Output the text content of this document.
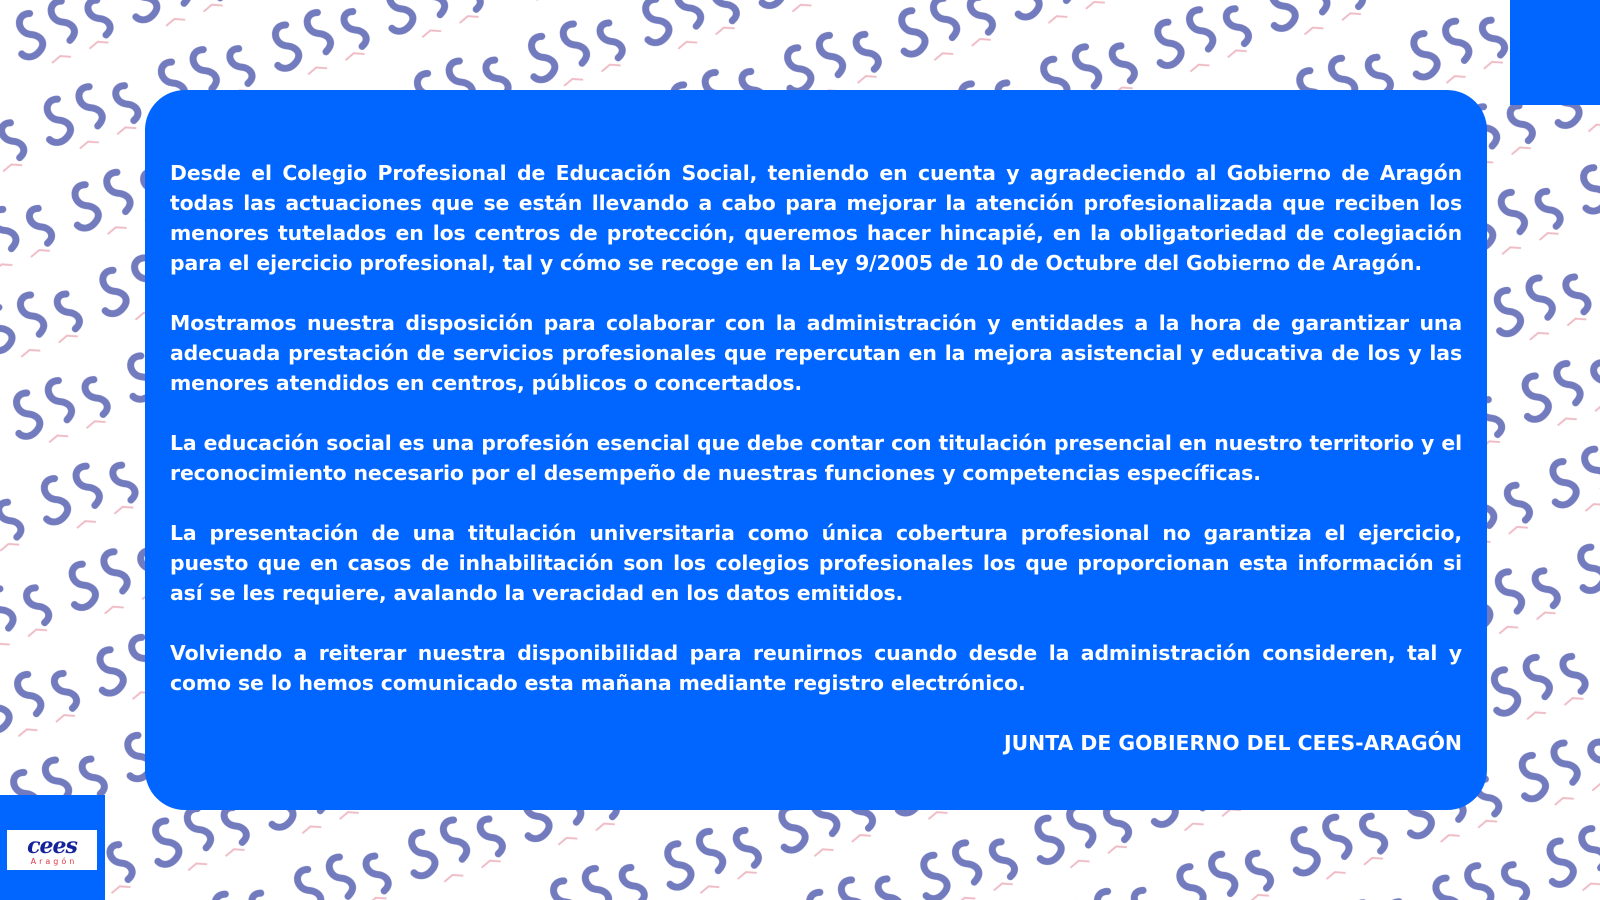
cees
Aragón

Desde el Colegio Profesional de Educación Social, teniendo en cuenta y agradeciendo al Gobierno de Aragón todas las actuaciones que se están llevando a cabo para mejorar la atención profesionalizada que reciben los menores tutelados en los centros de protección, queremos hacer hincapié, en la obligatoriedad de colegiación para el ejercicio profesional, tal y cómo se recoge en la Ley 9/2005 de 10 de Octubre del Gobierno de Aragón.

Mostramos nuestra disposición para colaborar con la administración y entidades a la hora de garantizar una adecuada prestación de servicios profesionales que repercutan en la mejora asistencial y educativa de los y las menores atendidos en centros, públicos o concertados.

La educación social es una profesión esencial que debe contar con titulación presencial en nuestro territorio y el reconocimiento necesario por el desempeño de nuestras funciones y competencias específicas.

La presentación de una titulación universitaria como única cobertura profesional no garantiza el ejercicio, puesto que en casos de inhabilitación son los colegios profesionales los que proporcionan esta información si así se les requiere, avalando la veracidad en los datos emitidos.

Volviendo a reiterar nuestra disponibilidad para reunirnos cuando desde la administración consideren, tal y como se lo hemos comunicado esta mañana mediante registro electrónico.

JUNTA DE GOBIERNO DEL CEES-ARAGÓN
